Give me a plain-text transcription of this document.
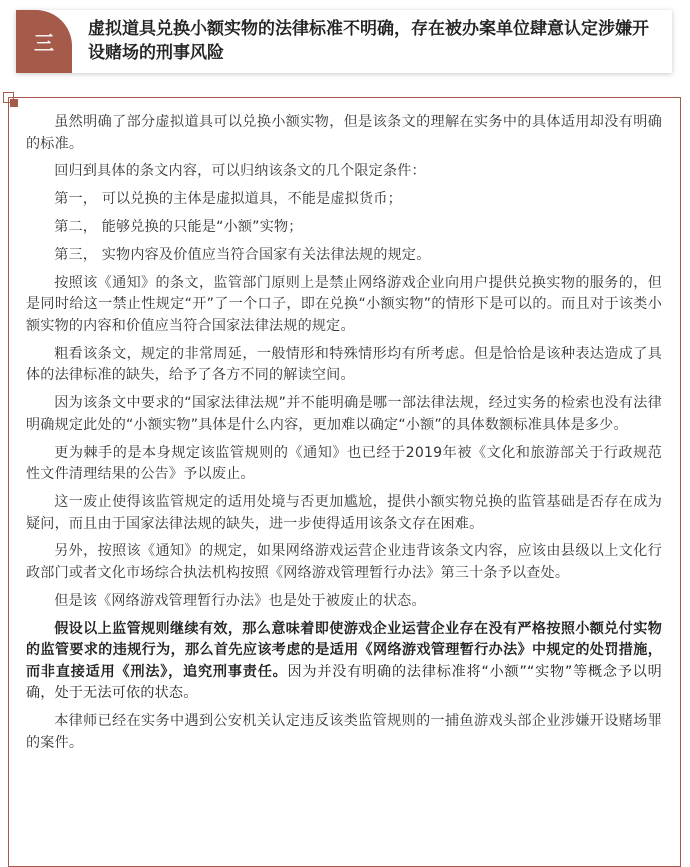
三
虚拟道具兑换小额实物的法律标准不明确，存在被办案单位肆意认定涉嫌开设赌场的刑事风险

虽然明确了部分虚拟道具可以兑换小额实物，但是该条文的理解在实务中的具体适用却没有明确的标准。

回归到具体的条文内容，可以归纳该条文的几个限定条件：

第一， 可以兑换的主体是虚拟道具，不能是虚拟货币；

第二， 能够兑换的只能是“小额”实物；

第三， 实物内容及价值应当符合国家有关法律法规的规定。

按照该《通知》的条文，监管部门原则上是禁止网络游戏企业向用户提供兑换实物的服务的，但是同时给这一禁止性规定“开”了一个口子，即在兑换“小额实物”的情形下是可以的。而且对于该类小额实物的内容和价值应当符合国家法律法规的规定。

粗看该条文，规定的非常周延，一般情形和特殊情形均有所考虑。但是恰恰是该种表达造成了具体的法律标准的缺失，给予了各方不同的解读空间。

因为该条文中要求的“国家法律法规”并不能明确是哪一部法律法规，经过实务的检索也没有法律明确规定此处的“小额实物”具体是什么内容，更加难以确定“小额”的具体数额标准具体是多少。

更为棘手的是本身规定该监管规则的《通知》也已经于2019年被《文化和旅游部关于行政规范性文件清理结果的公告》予以废止。

这一废止使得该监管规定的适用处境与否更加尴尬，提供小额实物兑换的监管基础是否存在成为疑问，而且由于国家法律法规的缺失，进一步使得适用该条文存在困难。

另外，按照该《通知》的规定，如果网络游戏运营企业违背该条文内容，应该由县级以上文化行政部门或者文化市场综合执法机构按照《网络游戏管理暂行办法》第三十条予以查处。

但是该《网络游戏管理暂行办法》也是处于被废止的状态。

假设以上监管规则继续有效，那么意味着即使游戏企业运营企业存在没有严格按照小额兑付实物的监管要求的违规行为，那么首先应该考虑的是适用《网络游戏管理暂行办法》中规定的处罚措施，而非直接适用《刑法》，追究刑事责任。因为并没有明确的法律标准将“小额”“实物”等概念予以明确，处于无法可依的状态。

本律师已经在实务中遇到公安机关认定违反该类监管规则的一捕鱼游戏头部企业涉嫌开设赌场罪的案件。
